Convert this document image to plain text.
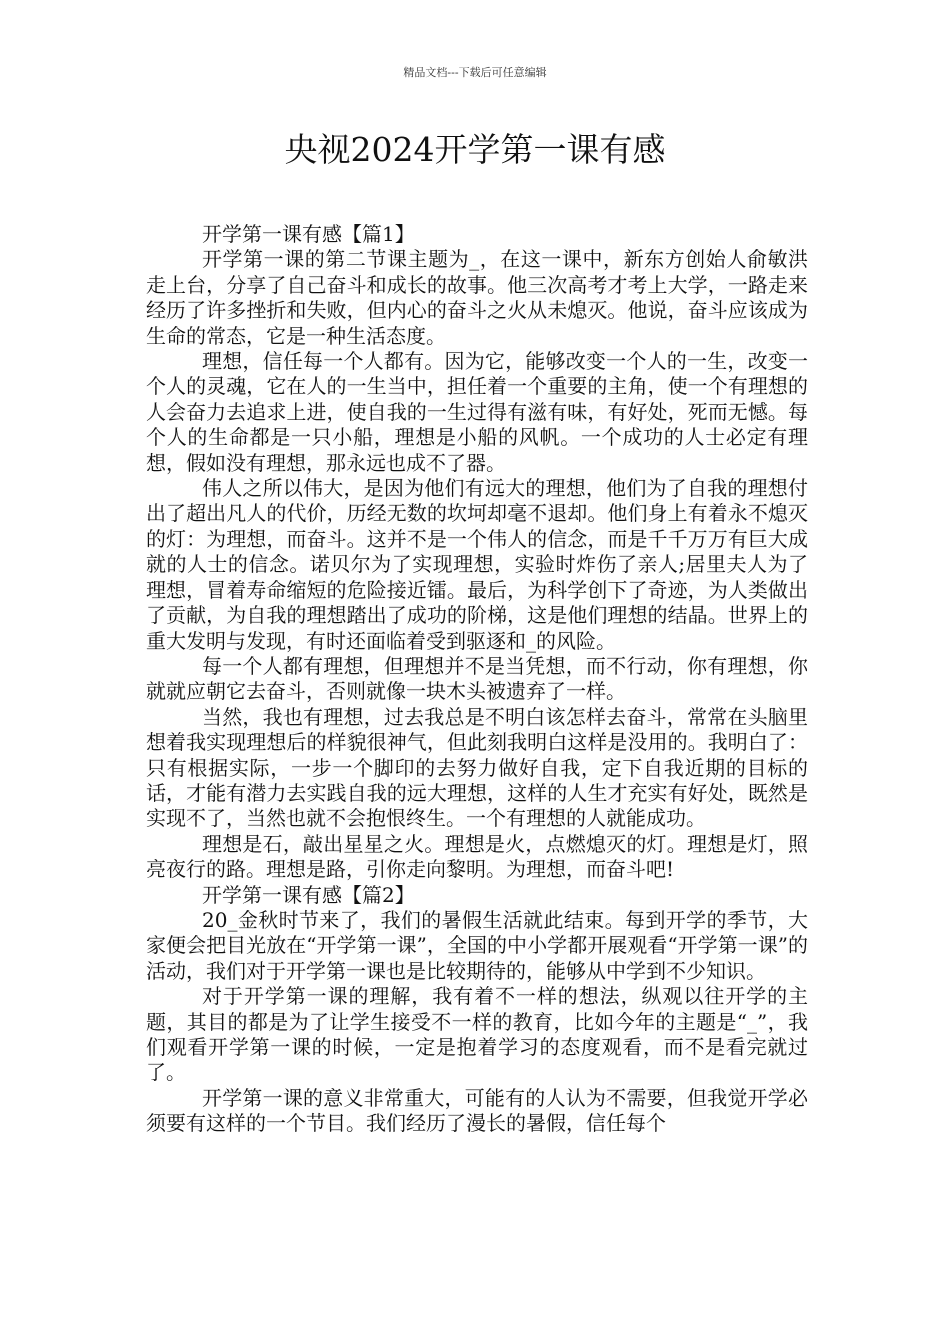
精品文档---下载后可任意编辑
央视2024开学第一课有感

开学第一课有感【篇1】

开学第一课的第二节课主题为_，在这一课中，新东方创始人俞敏洪走上台，分享了自己奋斗和成长的故事。他三次高考才考上大学，一路走来经历了许多挫折和失败，但内心的奋斗之火从未熄灭。他说，奋斗应该成为生命的常态，它是一种生活态度。

理想，信任每一个人都有。因为它，能够改变一个人的一生，改变一个人的灵魂，它在人的一生当中，担任着一个重要的主角，使一个有理想的人会奋力去追求上进，使自我的一生过得有滋有味，有好处，死而无憾。每个人的生命都是一只小船，理想是小船的风帆。一个成功的人士必定有理想，假如没有理想，那永远也成不了器。

伟人之所以伟大，是因为他们有远大的理想，他们为了自我的理想付出了超出凡人的代价，历经无数的坎坷却毫不退却。他们身上有着永不熄灭的灯：为理想，而奋斗。这并不是一个伟人的信念，而是千千万万有巨大成就的人士的信念。诺贝尔为了实现理想，实验时炸伤了亲人;居里夫人为了理想，冒着寿命缩短的危险接近镭。最后，为科学创下了奇迹，为人类做出了贡献，为自我的理想踏出了成功的阶梯，这是他们理想的结晶。世界上的重大发明与发现，有时还面临着受到驱逐和_的风险。

每一个人都有理想，但理想并不是当凭想，而不行动，你有理想，你就就应朝它去奋斗，否则就像一块木头被遗弃了一样。

当然，我也有理想，过去我总是不明白该怎样去奋斗，常常在头脑里想着我实现理想后的样貌很神气，但此刻我明白这样是没用的。我明白了：只有根据实际，一步一个脚印的去努力做好自我，定下自我近期的目标的话，才能有潜力去实践自我的远大理想，这样的人生才充实有好处，既然是实现不了，当然也就不会抱恨终生。一个有理想的人就能成功。

理想是石，敲出星星之火。理想是火，点燃熄灭的灯。理想是灯，照亮夜行的路。理想是路，引你走向黎明。为理想，而奋斗吧!

开学第一课有感【篇2】

20_金秋时节来了，我们的暑假生活就此结束。每到开学的季节，大家便会把目光放在“开学第一课”，全国的中小学都开展观看“开学第一课”的活动，我们对于开学第一课也是比较期待的，能够从中学到不少知识。

对于开学第一课的理解，我有着不一样的想法，纵观以往开学的主题，其目的都是为了让学生接受不一样的教育，比如今年的主题是“_”，我们观看开学第一课的时候，一定是抱着学习的态度观看，而不是看完就过了。

开学第一课的意义非常重大，可能有的人认为不需要，但我觉开学必须要有这样的一个节目。我们经历了漫长的暑假，信任每个
